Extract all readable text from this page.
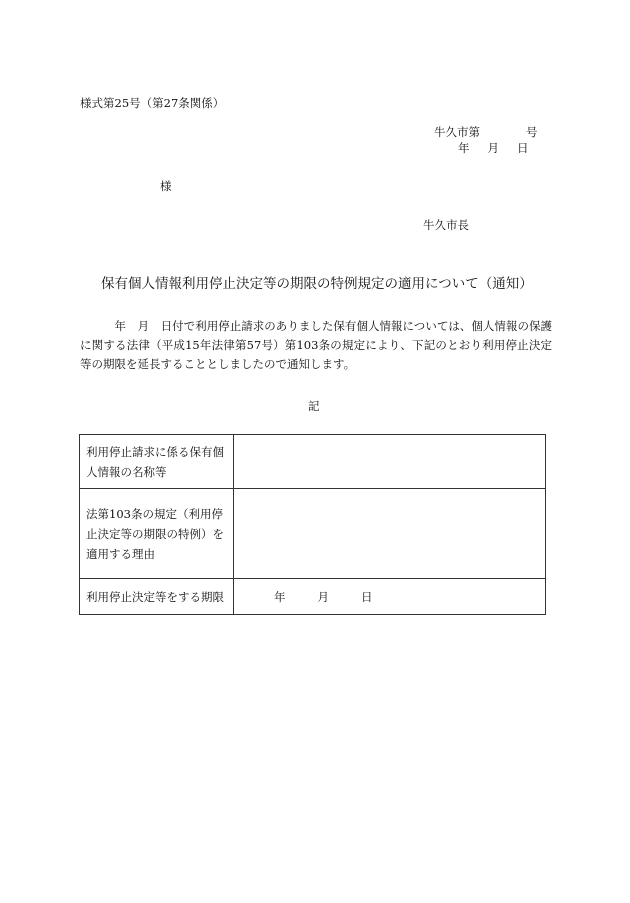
様式第25号（第27条関係）
牛久市第	号
年 月 日
様
牛久市長
保有個人情報利用停止決定等の期限の特例規定の適用について（通知）
　　　年　月　日付で利用停止請求のありました保有個人情報については、個人情報の保護に関する法律（平成15年法律第57号）第103条の規定により、下記のとおり利用停止決定等の期限を延長することとしましたので通知します。
記
利用停止請求に係る保有個人情報の名称等	
法第103条の規定（利用停止決定等の期限の特例）を適用する理由	
利用停止決定等をする期限	年 月 日
